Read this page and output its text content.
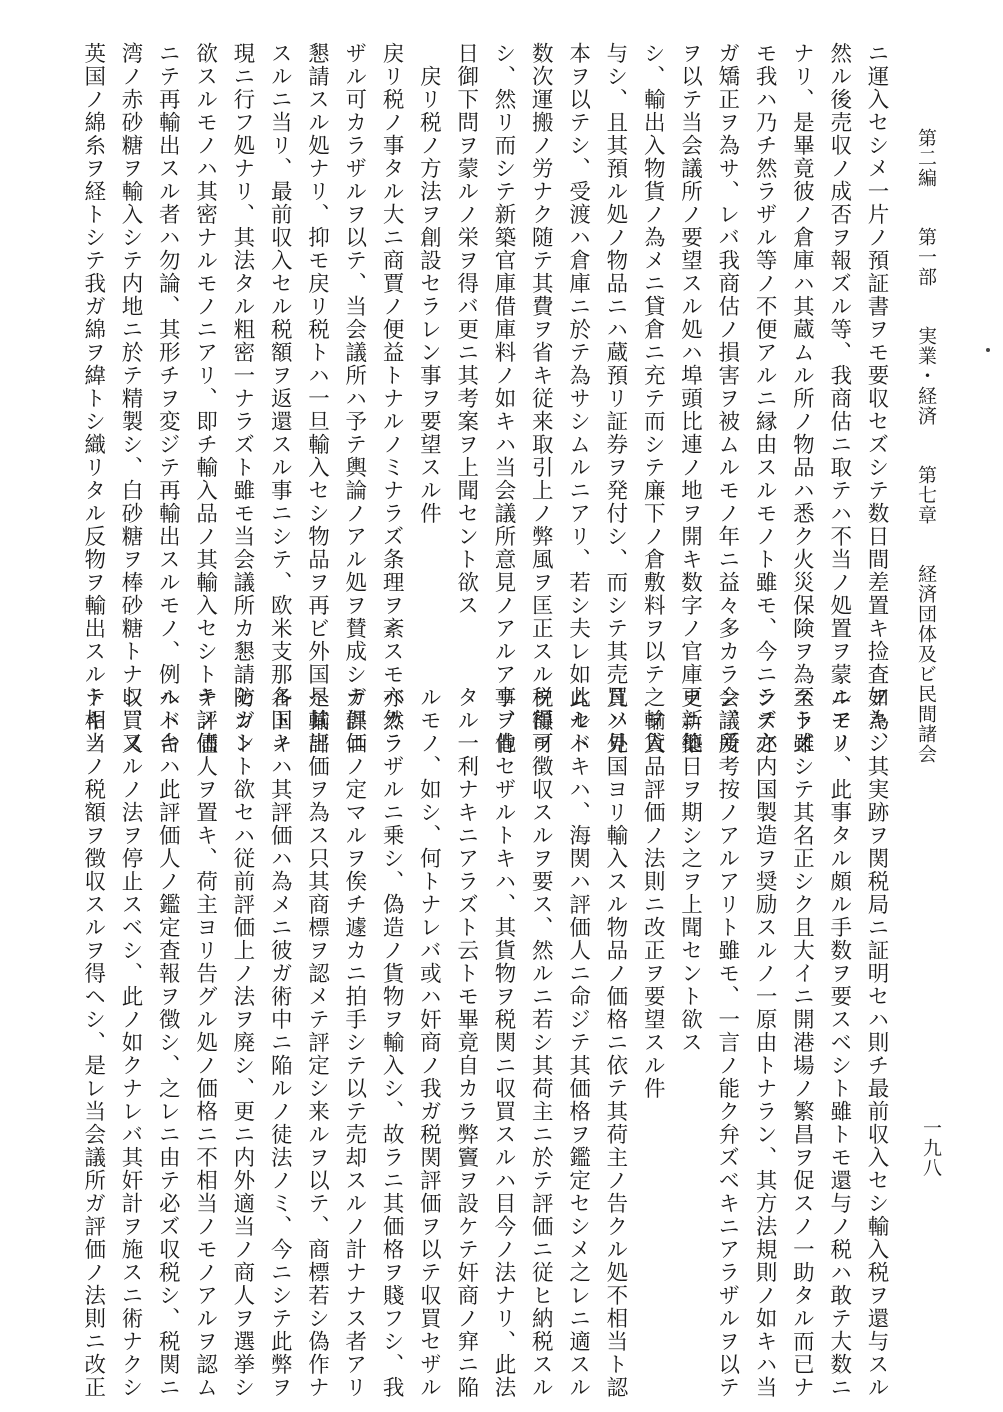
第二編 第一部 実業・経済 第七章 経済団体及ビ民間諸会
一九八
ニ運入セシメ一片ノ預証書ヲモ要収セズシテ数日間差置キ捡査ヲ為シ
然ル後売収ノ成否ヲ報ズル等、我商估ニ取テハ不当ノ処置ヲ蒙ルモノ
ナリ、是畢竟彼ノ倉庫ハ其蔵ムル所ノ物品ハ悉ク火災保険ヲ為スト雖
モ我ハ乃チ然ラザル等ノ不便アルニ縁由スルモノト雖モ、今ニシテ之
ガ矯正ヲ為サ、レバ我商估ノ損害ヲ被ムルモノ年ニ益々多カラン、爰
ヲ以テ当会議所ノ要望スル処ハ埠頭比連ノ地ヲ開キ数字ノ官庫ヲ新築
シ、輸出入物貨ノ為メニ貸倉ニ充テ而シテ廉下ノ倉敷料ヲ以テ之ヲ貸
与シ、且其預ル処ノ物品ニハ蔵預リ証券ヲ発付シ、而シテ其売買ハ見
本ヲ以テシ、受渡ハ倉庫ニ於テ為サシムルニアリ、若シ夫レ如此セバ
数次運搬ノ労ナク随テ其費ヲ省キ従来取引上ノ弊風ヲ匡正スルヲ得可
シ、然リ而シテ新築官庫借庫料ノ如キハ当会議所意見ノアルアリ、他
日御下問ヲ蒙ルノ栄ヲ得バ更ニ其考案ヲ上聞セント欲ス
　戻リ税ノ方法ヲ創設セラレン事ヲ要望スル件
戻リ税ノ事タル大ニ商賈ノ便益トナルノミナラズ条理ヲ紊スモ亦然ラ
ザル可カラザルヲ以テ、当会議所ハ予テ輿論ノアル処ヲ賛成シテ倶ニ
懇請スル処ナリ、抑モ戻リ税トハ一旦輸入セシ物品ヲ再ビ外国ヘ輸出
スルニ当リ、最前収入セル税額ヲ返還スル事ニシテ、欧米支那各国ノ
現ニ行フ処ナリ、其法タル粗密一ナラズト雖モ当会議所カ懇請セント
欲スルモノハ其密ナルモノニアリ、即チ輸入品ノ其輸入セシトキノ儘
ニテ再輸出スル者ハ勿論、其形チヲ変ジテ再輸出スルモノ、例ヘバ台
湾ノ赤砂糖ヲ輸入シテ内地ニ於テ精製シ、白砂糖ヲ棒砂糖トナシ、又
英国ノ綿糸ヲ経トシテ我ガ綿ヲ緯トシ織リタル反物ヲ輸出スルトキノ
如キ、其実跡ヲ関税局ニ証明セハ則チ最前収入セシ輸入税ヲ還与スル
ニアリ、此事タル頗ル手数ヲ要スベシト雖トモ還与ノ税ハ敢テ大数ニ
至ラズシテ其名正シク且大イニ開港場ノ繁昌ヲ促スノ一助タル而已ナ
ラズ亦内国製造ヲ奨励スルノ一原由トナラン、其方法規則ノ如キハ当
会議所考按ノアルアリト雖モ、一言ノ能ク弁ズベキニアラザルヲ以テ
更ニ他日ヲ期シ之ヲ上聞セント欲ス
　輸入品評価ノ法則ニ改正ヲ要望スル件
凡ソ外国ヨリ輸入スル物品ノ価格ニ依テ其荷主ノ告クル処不相当ト認
ムルトキハ、海関ハ評価人ニ命ジテ其価格ヲ鑑定セシメ之レニ適スル
税額ヲ徴収スルヲ要ス、然ルニ若シ其荷主ニ於テ評価ニ従ヒ納税スル
事ヲ肯セザルトキハ、其貨物ヲ税関ニ収買スルハ目今ノ法ナリ、此法
タル一利ナキニアラズト云トモ畢竟自カラ弊竇ヲ設ケテ奸商ノ穽ニ陥
ルモノ、如シ、何トナレバ或ハ奸商ノ我ガ税関評価ヲ以テ収買セザル
ベカラザルニ乗シ、偽造ノ貨物ヲ輸入シ、故ラニ其価格ヲ賤フシ、我
ガ評価ノ定マルヲ俟チ遽カニ拍手シテ以テ売却スルノ計ナナス者アリ
是其評価ヲ為ス只其商標ヲ認メテ評定シ来ルヲ以テ、商標若シ偽作ナ
ルトキハ其評価ハ為メニ彼ガ術中ニ陥ルノ徒法ノミ、今ニシテ此弊ヲ
防ガント欲セハ従前評価上ノ法ヲ廃シ、更ニ内外適当ノ商人ヲ選挙シ
テ評価人ヲ置キ、荷主ヨリ告グル処ノ価格ニ不相当ノモノアルヲ認ム
ルトキハ此評価人ノ鑑定査報ヲ徴シ、之レニ由テ必ズ収税シ、税関ニ
収買スルノ法ヲ停止スベシ、此ノ如クナレバ其奸計ヲ施スニ術ナクシ
テ相当ノ税額ヲ徴収スルヲ得ヘシ、是レ当会議所ガ評価ノ法則ニ改正
